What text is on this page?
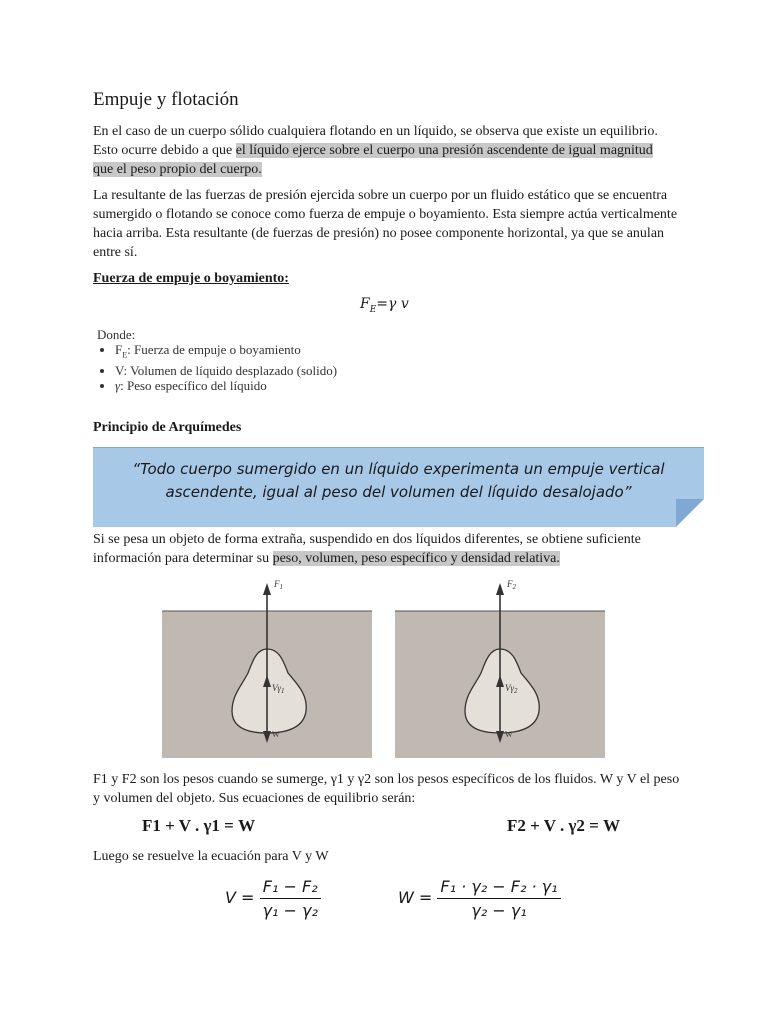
Empuje y flotación

En el caso de un cuerpo sólido cualquiera flotando en un líquido, se observa que existe un equilibrio. Esto ocurre debido a que el líquido ejerce sobre el cuerpo una presión ascendente de igual magnitud que el peso propio del cuerpo.

La resultante de las fuerzas de presión ejercida sobre un cuerpo por un fluido estático que se encuentra sumergido o flotando se conoce como fuerza de empuje o boyamiento. Esta siempre actúa verticalmente hacia arriba. Esta resultante (de fuerzas de presión) no posee componente horizontal, ya que se anulan entre sí.

Fuerza de empuje o boyamiento:

$F_E=\gamma$ v
Donde:
• $F_E$: Fuerza de empuje o boyamiento
• V: Volumen de líquido desplazado (solido)
• γ: Peso específico del líquido

Principio de Arquímedes

“Todo cuerpo sumergido en un líquido experimenta un empuje vertical ascendente, igual al peso del volumen del líquido desalojado”

Si se pesa un objeto de forma extraña, suspendido en dos líquidos diferentes, se obtiene suficiente información para determinar su peso, volumen, peso específico y densidad relativa.

$F_1$
$V\gamma_1$
W
$F_2$
$V\gamma_2$
W

F1 y F2 son los pesos cuando se sumerge, γ1 y γ2 son los pesos específicos de los fluidos. W y V el peso y volumen del objeto. Sus ecuaciones de equilibrio serán:

F1 + V . γ1 = W	F2 + V . γ2 = W

Luego se resuelve la ecuación para V y W

$V = \frac{\text{F₁ − F₂}}{\text{γ₁ − γ₂}}$	$W = \frac{\text{F₁ · γ₂ − F₂ · γ₁}}{\text{γ₂ − γ₁}}$
